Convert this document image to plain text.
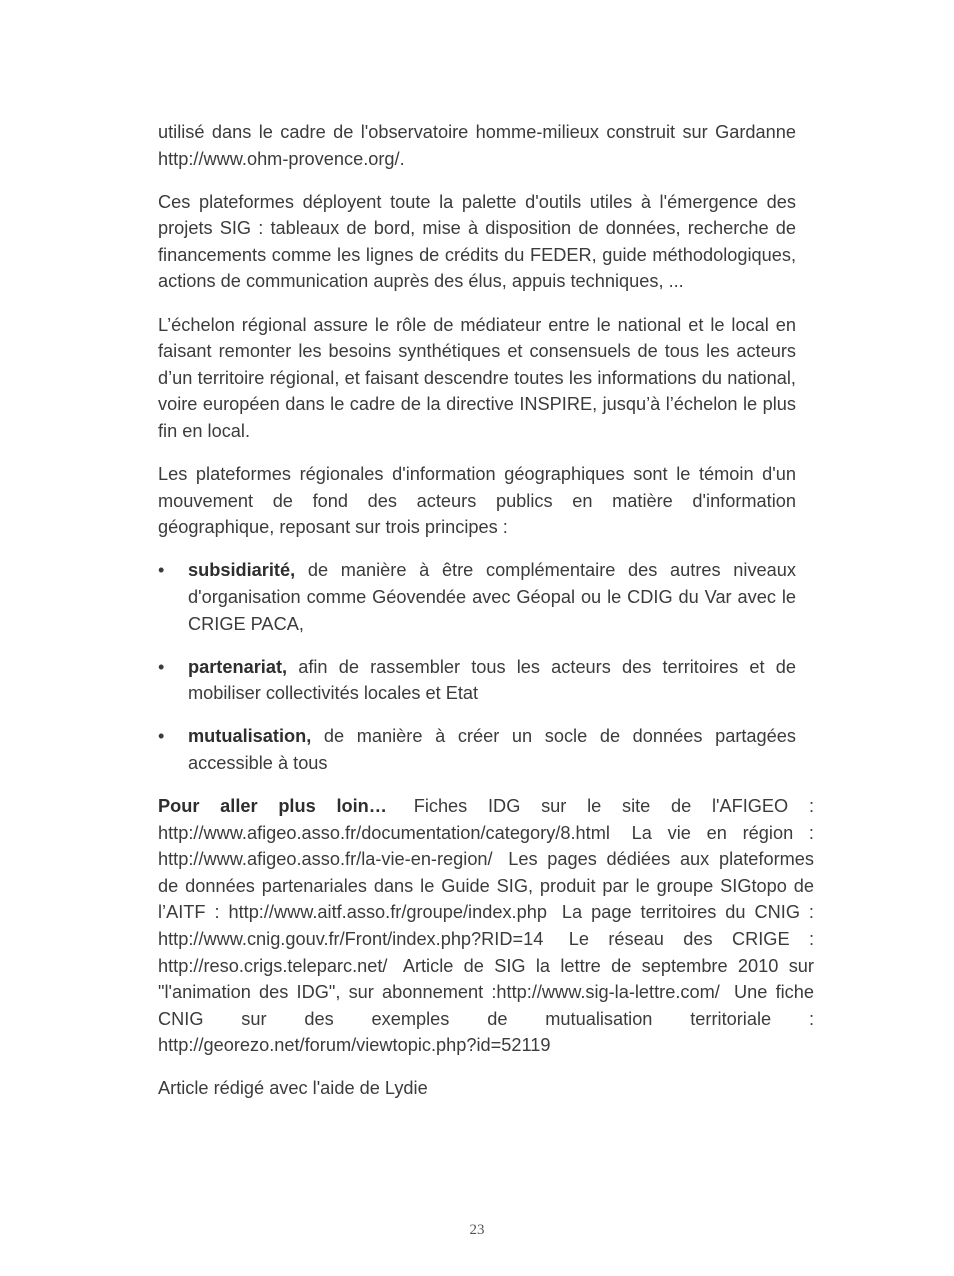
utilisé dans le cadre de l'observatoire homme-milieux construit sur Gardanne http://www.ohm-provence.org/.

Ces plateformes déployent toute la palette d'outils utiles à l'émergence des projets SIG : tableaux de bord, mise à disposition de données, recherche de financements comme les lignes de crédits du FEDER, guide méthodologiques, actions de communication auprès des élus, appuis techniques, ...

L’échelon régional assure le rôle de médiateur entre le national et le local en faisant remonter les besoins synthétiques et consensuels de tous les acteurs d’un territoire régional, et faisant descendre toutes les informations du national, voire européen dans le cadre de la directive INSPIRE, jusqu’à l’échelon le plus fin en local.

Les plateformes régionales d'information géographiques sont le témoin d'un mouvement de fond des acteurs publics en matière d'information géographique, reposant sur trois principes :

•	subsidiarité, de manière à être complémentaire des autres niveaux d'organisation comme Géovendée avec Géopal ou le CDIG du Var avec le CRIGE PACA,
•	partenariat, afin de rassembler tous les acteurs des territoires et de mobiliser collectivités locales et Etat
•	mutualisation, de manière à créer un socle de données partagées accessible à tous

Pour aller plus loin… Fiches IDG sur le site de l'AFIGEO : http://www.afigeo.asso.fr/documentation/category/8.html La vie en région : http://www.afigeo.asso.fr/la-vie-en-region/ Les pages dédiées aux plateformes de données partenariales dans le Guide SIG, produit par le groupe SIGtopo de l’AITF : http://www.aitf.asso.fr/groupe/index.php La page territoires du CNIG : http://www.cnig.gouv.fr/Front/index.php?RID=14 Le réseau des CRIGE : http://reso.crigs.teleparc.net/ Article de SIG la lettre de septembre 2010 sur "l'animation des IDG", sur abonnement :http://www.sig-la-lettre.com/ Une fiche CNIG sur des exemples de mutualisation territoriale : http://georezo.net/forum/viewtopic.php?id=52119

Article rédigé avec l'aide de Lydie

23
